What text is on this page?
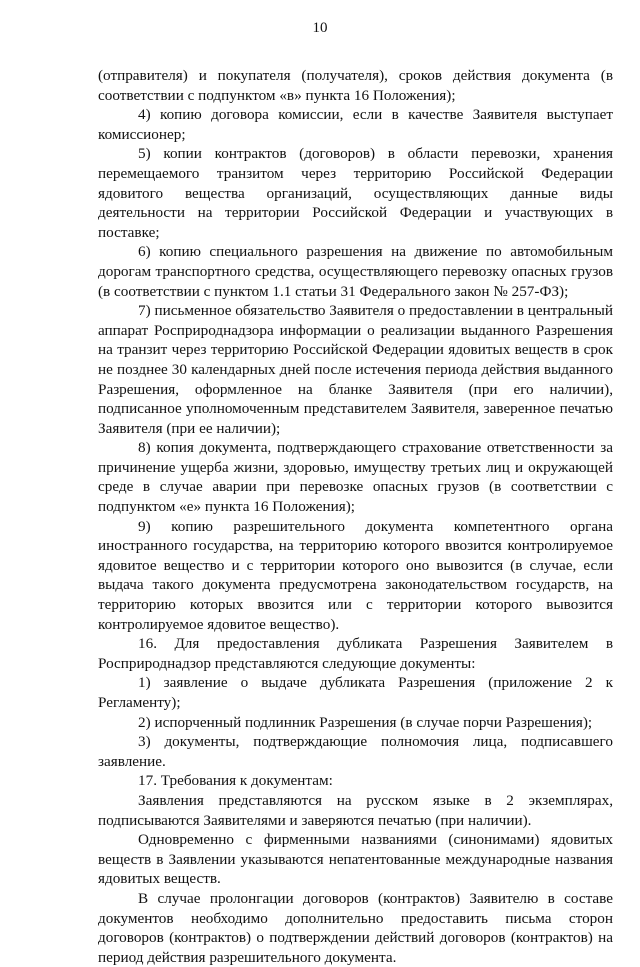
10

(отправителя) и покупателя (получателя), сроков действия документа (в соответствии с подпунктом «в» пункта 16 Положения);

4) копию договора комиссии, если в качестве Заявителя выступает комиссионер;

5) копии контрактов (договоров) в области перевозки, хранения перемещаемого транзитом через территорию Российской Федерации ядовитого вещества организаций, осуществляющих данные виды деятельности на территории Российской Федерации и участвующих в поставке;

6) копию специального разрешения на движение по автомобильным дорогам транспортного средства, осуществляющего перевозку опасных грузов (в соответствии с пунктом 1.1 статьи 31 Федерального закон № 257-ФЗ);

7) письменное обязательство Заявителя о предоставлении в центральный аппарат Росприроднадзора информации о реализации выданного Разрешения на транзит через территорию Российской Федерации ядовитых веществ в срок не позднее 30 календарных дней после истечения периода действия выданного Разрешения, оформленное на бланке Заявителя (при его наличии), подписанное уполномоченным представителем Заявителя, заверенное печатью Заявителя (при ее наличии);

8) копия документа, подтверждающего страхование ответственности за причинение ущерба жизни, здоровью, имуществу третьих лиц и окружающей среде в случае аварии при перевозке опасных грузов (в соответствии с подпунктом «е» пункта 16 Положения);

9) копию разрешительного документа компетентного органа иностранного государства, на территорию которого ввозится контролируемое ядовитое вещество и с территории которого оно вывозится (в случае, если выдача такого документа предусмотрена законодательством государств, на территорию которых ввозится или с территории которого вывозится контролируемое ядовитое вещество).

16. Для предоставления дубликата Разрешения Заявителем в Росприроднадзор представляются следующие документы:

1) заявление о выдаче дубликата Разрешения (приложение 2 к Регламенту);

2) испорченный подлинник Разрешения (в случае порчи Разрешения);

3) документы, подтверждающие полномочия лица, подписавшего заявление.

17. Требования к документам:

Заявления представляются на русском языке в 2 экземплярах, подписываются Заявителями и заверяются печатью (при наличии).

Одновременно с фирменными названиями (синонимами) ядовитых веществ в Заявлении указываются непатентованные международные названия ядовитых веществ.

В случае пролонгации договоров (контрактов) Заявителю в составе документов необходимо дополнительно предоставить письма сторон договоров (контрактов) о подтверждении действий договоров (контрактов) на период действия разрешительного документа.
